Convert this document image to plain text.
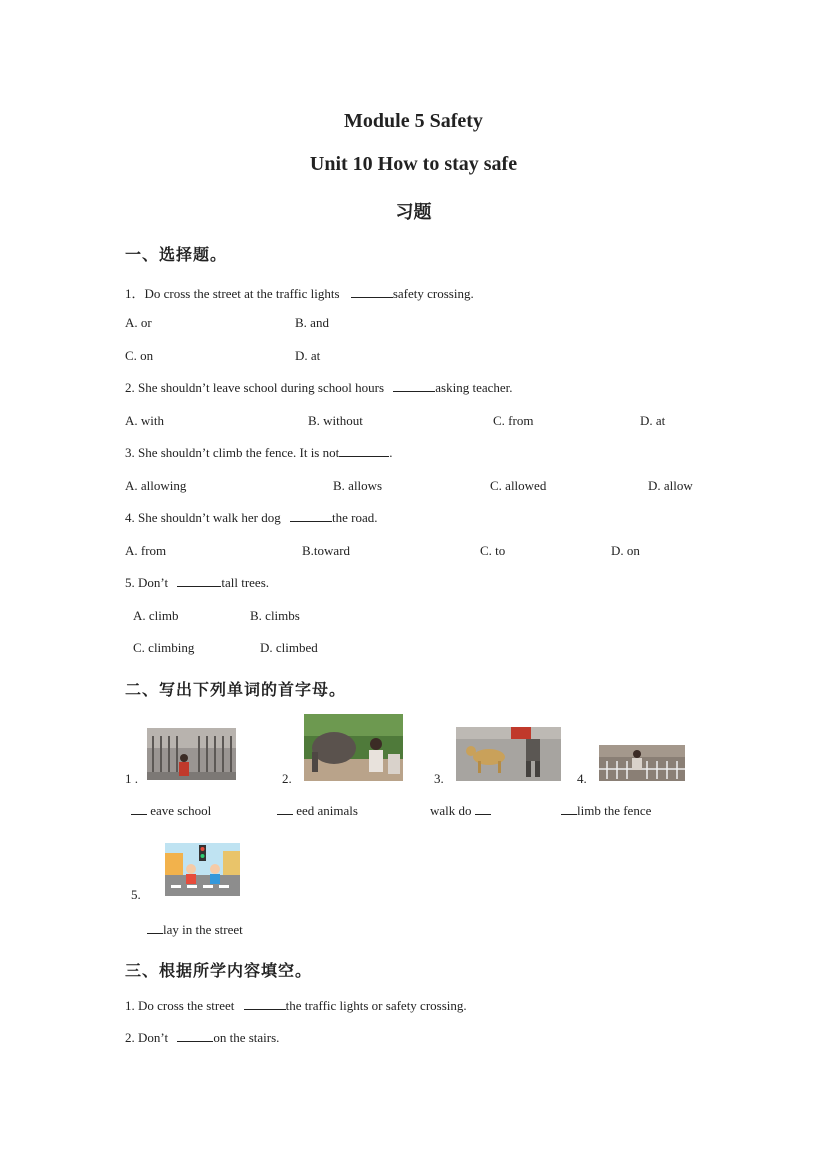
Module 5 Safety
Unit 10 How to stay safe
习题
一、选择题。
1．Do cross the street at the traffic lights	safety crossing.
A. or	B. and
C. on	D. at
2. She shouldn’t leave school during school hours	asking teacher.
A. with	B. without	C. from	D. at
3. She shouldn’t climb the fence. It is not	.
A. allowing	B. allows	C. allowed	D. allow
4. She shouldn’t walk her dog	the road.
A. from	B.toward	C. to	D. on
5. Don’t	tall trees.
A. climb	B. climbs
C. climbing	D. climbed
二、写出下列单词的首字母。
1 .	2.	3.	4.
eave school	eed animals	walk do	limb the fence
5.
lay in the street
三、根据所学内容填空。
1. Do cross the street	the traffic lights or safety crossing.
2. Don’t	on the stairs.
